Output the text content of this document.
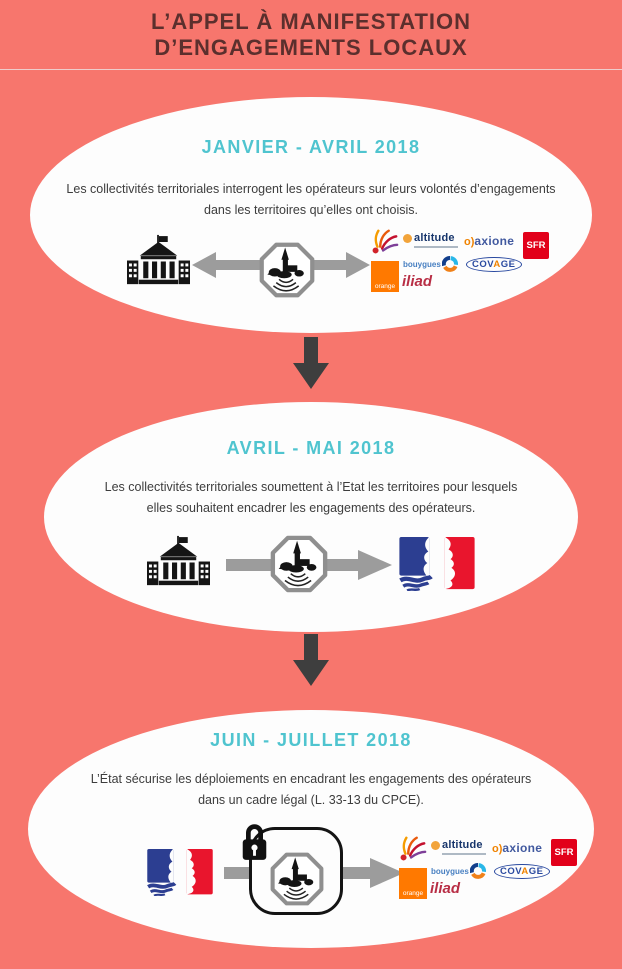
L’APPEL À MANIFESTATION
D’ENGAGEMENTS LOCAUX
JANVIER - AVRIL 2018
Les collectivités territoriales interrogent les opérateurs sur leurs volontés d’engagements
dans les territoires qu’elles ont choisis.
altitude o)axione	SFR
orange
bouygues
iliad
COVAGE
AVRIL - MAI 2018
Les collectivités territoriales soumettent à l’Etat les territoires pour lesquels
elles souhaitent encadrer les engagements des opérateurs.
JUIN - JUILLET 2018
L’État sécurise les déploiements en encadrant les engagements des opérateurs
dans un cadre légal (L. 33-13 du CPCE).
altitude o)axione	SFR
orange
bouygues
iliad
COVAGE
